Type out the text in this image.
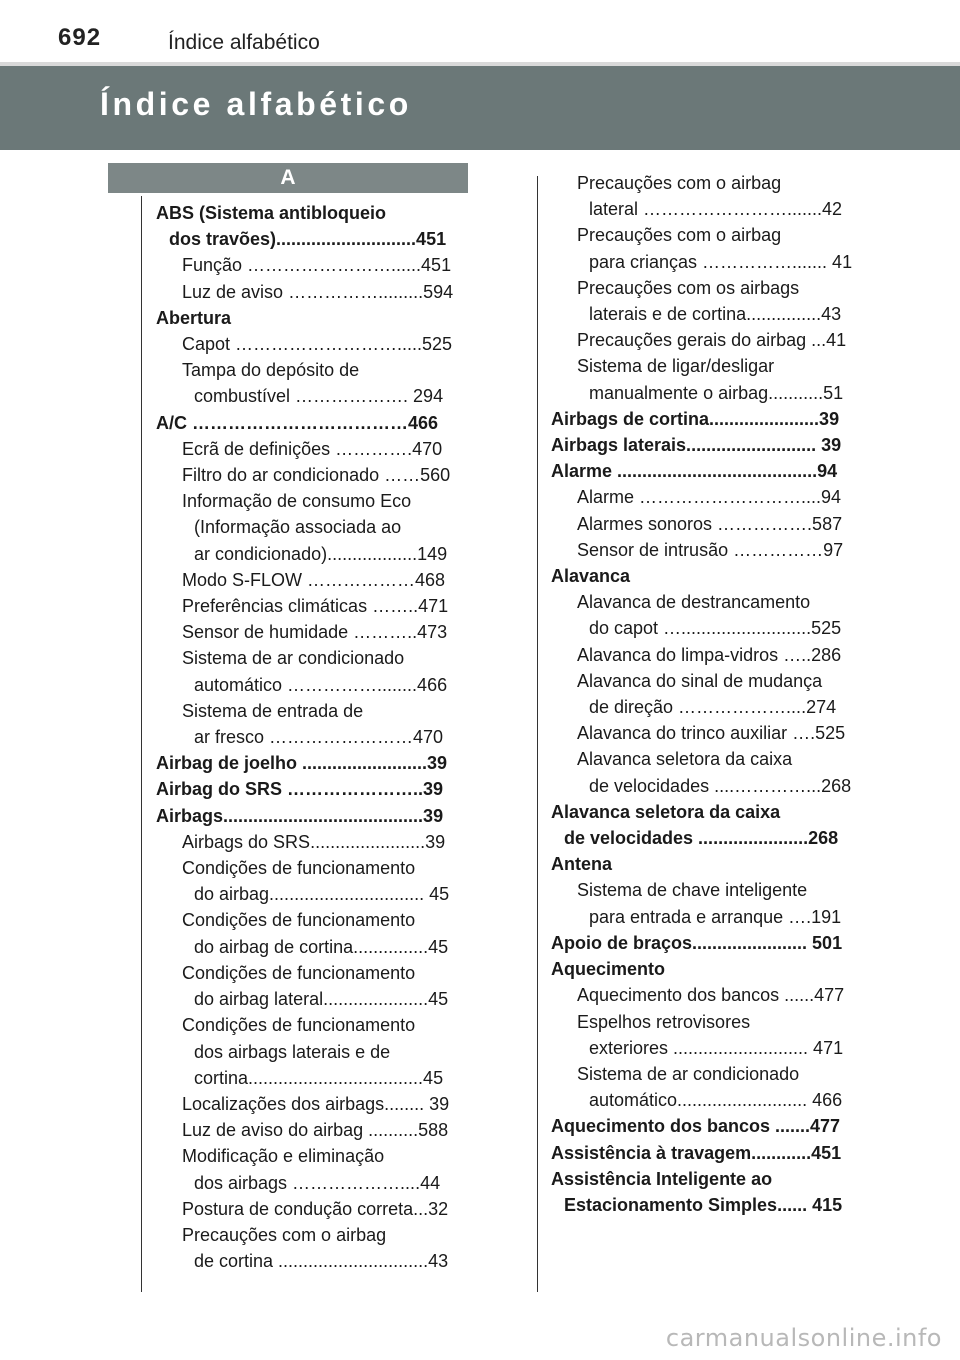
692	Índice alfabético
Índice alfabético
A
ABS (Sistema antibloqueio
dos travões)............................451
Função ……………………......451
Luz de aviso …………….........594
Abertura
Capot ……………………….....525
Tampa do depósito de
combustível ………………. 294
A/C ………………………………466
Ecrã de definições ………….470
Filtro do ar condicionado ……560
Informação de consumo Eco
(Informação associada ao
ar condicionado)..................149
Modo S-FLOW ………………468
Preferências climáticas ……..471
Sensor de humidade ………..473
Sistema de ar condicionado
automático ……………........466
Sistema de entrada de
ar fresco ……………………470
Airbag de joelho .........................39
Airbag do SRS …………………..39
Airbags........................................39
Airbags do SRS.......................39
Condições de funcionamento
do airbag............................... 45
Condições de funcionamento
do airbag de cortina...............45
Condições de funcionamento
do airbag lateral.....................45
Condições de funcionamento
dos airbags laterais e de
cortina...................................45
Localizações dos airbags........ 39
Luz de aviso do airbag ..........588
Modificação e eliminação
dos airbags ………………....44
Postura de condução correta...32
Precauções com o airbag
de cortina ..............................43
Precauções com o airbag
lateral …………………….......42
Precauções com o airbag
para crianças ……………....... 41
Precauções com os airbags
laterais e de cortina...............43
Precauções gerais do airbag ...41
Sistema de ligar/desligar
manualmente o airbag...........51
Airbags de cortina......................39
Airbags laterais.......................... 39
Alarme ........................................94
Alarme ………………………....94
Alarmes sonoros …………….587
Sensor de intrusão ……………97
Alavanca
Alavanca de destrancamento
do capot …..........................525
Alavanca do limpa-vidros …..286
Alavanca do sinal de mudança
de direção ………………....274
Alavanca do trinco auxiliar ….525
Alavanca seletora da caixa
de velocidades ....…………...268
Alavanca seletora da caixa
de velocidades ......................268
Antena
Sistema de chave inteligente
para entrada e arranque ….191
Apoio de braços....................... 501
Aquecimento
Aquecimento dos bancos ......477
Espelhos retrovisores
exteriores ........................... 471
Sistema de ar condicionado
automático.......................... 466
Aquecimento dos bancos .......477
Assistência à travagem............451
Assistência Inteligente ao
Estacionamento Simples...... 415
carmanualsonline.info
